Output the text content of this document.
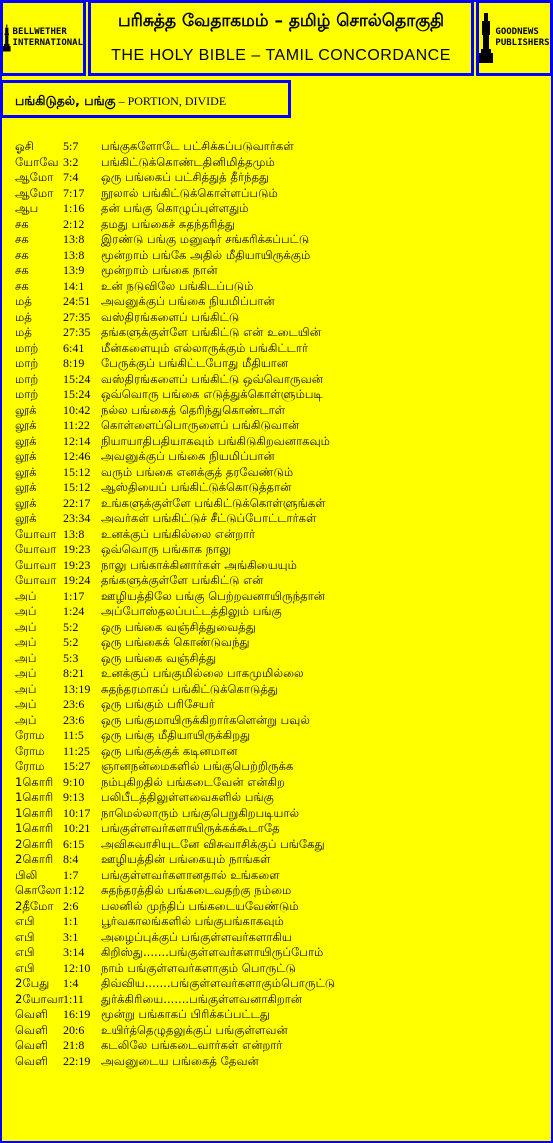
BELLWETHER
INTERNATIONAL
பரிசுத்த வேதாகமம் – தமிழ் சொல்தொகுதி
THE HOLY BIBLE – TAMIL CONCORDANCE
GOODNEWS
PUBLISHERS
பங்கிடுதல், பங்கு – PORTION, DIVIDE
ஓசி 5:7 பங்குகளோடே பட்சிக்கப்படுவார்கள்
யோவே 3:2 பங்கிட்டுக்கொண்டதினிமித்தமும்
ஆமோ 7:4 ஒரு பங்கைப் பட்சித்துத் தீர்ந்தது
ஆமோ 7:17 நூலால் பங்கிட்டுக்கொள்ளப்படும்
ஆப 1:16 தன் பங்கு கொழுப்புள்ளதும்
சக	2:12 தமது பங்கைச் சுதந்தரித்து
சக	13:8 இரண்டு பங்கு மனுஷர் சங்கரிக்கப்பட்டு
சக	13:8 மூன்றாம் பங்கே அதில் மீதியாயிருக்கும்
சக	13:9 மூன்றாம் பங்கை நான்
சக	14:1 உன் நடுவிலே பங்கிடப்படும்
மத்	24:51 அவனுக்குப் பங்கை நியமிப்பான்
மத்	27:35 வஸ்திரங்களைப் பங்கிட்டு
மத்	27:35 தங்களுக்குள்ளே பங்கிட்டு என் உடையின்
மாற் 6:41 மீன்களையும் எல்லாருக்கும் பங்கிட்டார்
மாற் 8:19 பேருக்குப் பங்கிட்டபோது மீதியான
மாற் 15:24 வஸ்திரங்களைப் பங்கிட்டு ஒவ்வொருவன்
மாற் 15:24 ஒவ்வொரு பங்கை எடுத்துக்கொள்ளும்படி
லூக் 10:42 நல்ல பங்கைத் தெரிந்துகொண்டாள்
லூக் 11:22 கொள்ளைப்பொருளைப் பங்கிடுவான்
லூக் 12:14 நியாயாதிபதியாகவும் பங்கிடுகிறவனாகவும்
லூக் 12:46 அவனுக்குப் பங்கை நியமிப்பான்
லூக் 15:12 வரும் பங்கை எனக்குத் தரவேண்டும்
லூக் 15:12 ஆஸ்தியைப் பங்கிட்டுக்கொடுத்தான்
லூக் 22:17 உங்களுக்குள்ளே பங்கிட்டுக்கொள்ளுங்கள்
லூக் 23:34 அவர்கள் பங்கிட்டுச் சீட்டுப்போட்டார்கள்
யோவா 13:8 உனக்குப் பங்கில்லை என்றார்
யோவா 19:23 ஒவ்வொரு பங்காக நாலு
யோவா 19:23 நாலு பங்காக்கினார்கள் அங்கியையும்
யோவா 19:24 தங்களுக்குள்ளே பங்கிட்டு என்
அப் 1:17 ஊழியத்திலே பங்கு பெற்றவனாயிருந்தான்
அப் 1:24 அப்போஸ்தலப்பட்டத்திலும் பங்கு
அப் 5:2 ஒரு பங்கை வஞ்சித்துவைத்து
அப் 5:2 ஒரு பங்கைக் கொண்டுவந்து
அப் 5:3 ஒரு பங்கை வஞ்சித்து
அப் 8:21 உனக்குப் பங்குமில்லை பாகமுமில்லை
அப் 13:19 சுதந்தரமாகப் பங்கிட்டுக்கொடுத்து
அப் 23:6 ஒரு பங்கும் பரிசேயர்
அப் 23:6 ஒரு பங்குமாயிருக்கிறார்களென்று பவுல்
ரோம 11:5 ஒரு பங்கு மீதியாயிருக்கிறது
ரோம 11:25 ஒரு பங்குக்குக் கடினமான
ரோம 15:27 ஞானநன்மைகளில் பங்குபெற்றிருக்க
1கொரி 9:10 நம்புகிறதில் பங்கடைவேன் என்கிற
1கொரி 9:13 பலிபீடத்திலுள்ளவைகளில் பங்கு
1கொரி 10:17 நாமெல்லாரும் பங்குபெறுகிறபடியால்
1கொரி 10:21 பங்குள்ளவர்களாயிருக்கக்கூடாதே
2கொரி 6:15 அவிசுவாசியுடனே விசுவாசிக்குப் பங்கேது
2கொரி 8:4 ஊழியத்தின் பங்கையும் நாங்கள்
பிலி 1:7 பங்குள்ளவர்களானதால் உங்களை
கொலோ 1:12 சுதந்தரத்தில் பங்கடைவதற்கு நம்மை
2தீமோ 2:6 பலனில் முந்திப் பங்கடையவேண்டும்
எபி 1:1 பூர்வகாலங்களில் பங்குபங்காகவும்
எபி 3:1 அழைப்புக்குப் பங்குள்ளவர்களாகிய
எபி 3:14 கிறிஸ்து.......பங்குள்ளவர்களாயிருப்போம்
எபி 12:10 நாம் பங்குள்ளவர்களாகும் பொருட்டு
2பேது 1:4 திவ்விய.......பங்குள்ளவர்களாகும்பொருட்டு
2யோவா 1:11 துர்க்கிரியை.......பங்குள்ளவனாகிறான்
வெளி 16:19 மூன்று பங்காகப் பிரிக்கப்பட்டது
வெளி 20:6 உயிர்த்தெழுதலுக்குப் பங்குள்ளவன்
வெளி 21:8 கடலிலே பங்கடைவார்கள் என்றார்
வெளி 22:19 அவனுடைய பங்கைத் தேவன்
